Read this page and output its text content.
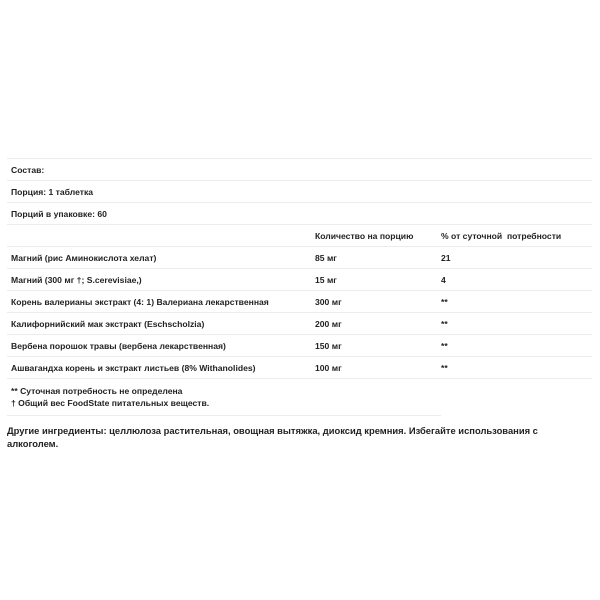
Состав:		
Порция: 1 таблетка		
Порций в упаковке: 60		
	Количество на порцию	% от суточной  потребности
Магний (рис Аминокислота хелат)	85 мг	21
Магний (300 мг †; S.cerevisiae,)	15 мг	4
Корень валерианы экстракт (4: 1) Валериана лекарственная	300 мг	**
Калифорнийский мак экстракт (Eschscholzia)	200 мг	**
Вербена порошок травы (вербена лекарственная)	150 мг	**
Ашвагандха корень и экстракт листьев (8% Withanolides)	100 мг	**
** Суточная потребность не определена
† Общий вес FoodState питательных веществ.
Другие ингредиенты: целлюлоза растительная, овощная вытяжка, диоксид кремния. Избегайте использования с алкоголем.
